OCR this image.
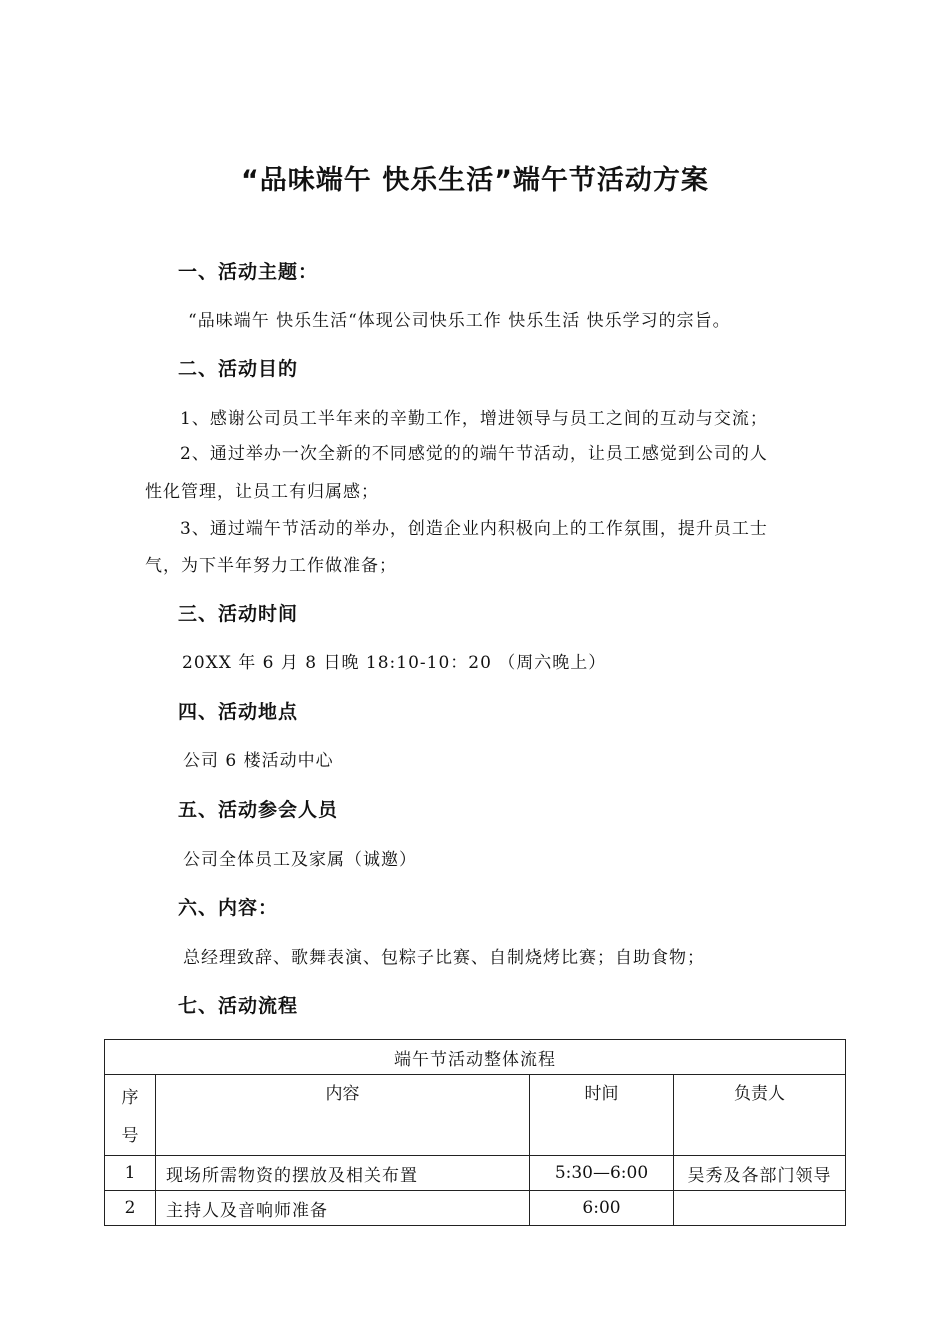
“品味端午 快乐生活”端午节活动方案
一、活动主题：

“品味端午 快乐生活“体现公司快乐工作 快乐生活 快乐学习的宗旨。

二、活动目的

1、感谢公司员工半年来的辛勤工作，增进领导与员工之间的互动与交流；

2、通过举办一次全新的不同感觉的的端午节活动，让员工感觉到公司的人

性化管理，让员工有归属感；

3、通过端午节活动的举办，创造企业内积极向上的工作氛围，提升员工士

气，为下半年努力工作做准备；

三、活动时间

20XX 年 6 月 8 日晚 18:10-10：20 （周六晚上）

四、活动地点

公司 6 楼活动中心

五、活动参会人员

公司全体员工及家属（诚邀）

六、内容：

总经理致辞、歌舞表演、包粽子比赛、自制烧烤比赛；自助食物；

七、活动流程
端午节活动整体流程			
序
号	内容	时间	负责人
1	现场所需物资的摆放及相关布置	5:30—6:00	吴秀及各部门领导
2	主持人及音响师准备	6:00	
